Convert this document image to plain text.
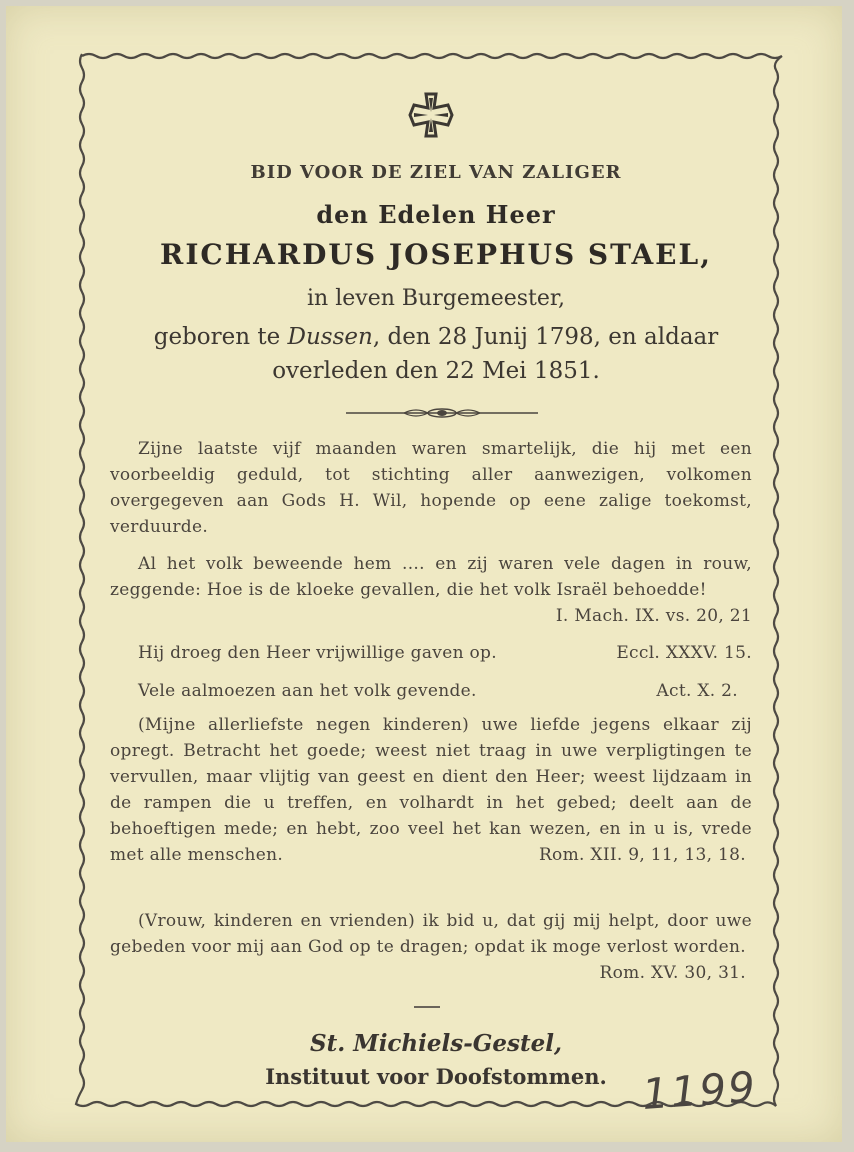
BID VOOR DE ZIEL VAN ZALIGER
den Edelen Heer
RICHARDUS JOSEPHUS STAEL,
in leven Burgemeester,
geboren te Dussen, den 28 Junij 1798, en aldaar
overleden den 22 Mei 1851.

Zijne laatste vijf maanden waren smartelijk, die hij met een voorbeeldig geduld, tot stichting aller aanwezigen, volkomen overgegeven aan Gods H. Wil, hopende op eene zalige toekomst, verduurde.

Al het volk beweende hem .... en zij waren vele dagen in rouw, zeggende: Hoe is de kloeke gevallen, die het volk Israël behoedde!
I. Mach. IX. vs. 20, 21

Hij droeg den Heer vrijwillige gaven op.	Eccl. XXXV. 15.
Vele aalmoezen aan het volk gevende.	Act. X. 2.

(Mijne allerliefste negen kinderen) uwe liefde jegens elkaar zij opregt. Betracht het goede; weest niet traag in uwe verpligtingen te vervullen, maar vlijtig van geest en dient den Heer; weest lijdzaam in de rampen die u treffen, en volhardt in het gebed; deelt aan de behoeftigen mede; en hebt, zoo veel het kan wezen, en in u is, vrede met alle menschen.	Rom. XII. 9, 11, 13, 18.

(Vrouw, kinderen en vrienden) ik bid u, dat gij mij helpt, door uwe gebeden voor mij aan God op te dragen; opdat ik moge verlost worden.
Rom. XV. 30, 31.

St. Michiels-Gestel,
Instituut voor Doofstommen. 1199
